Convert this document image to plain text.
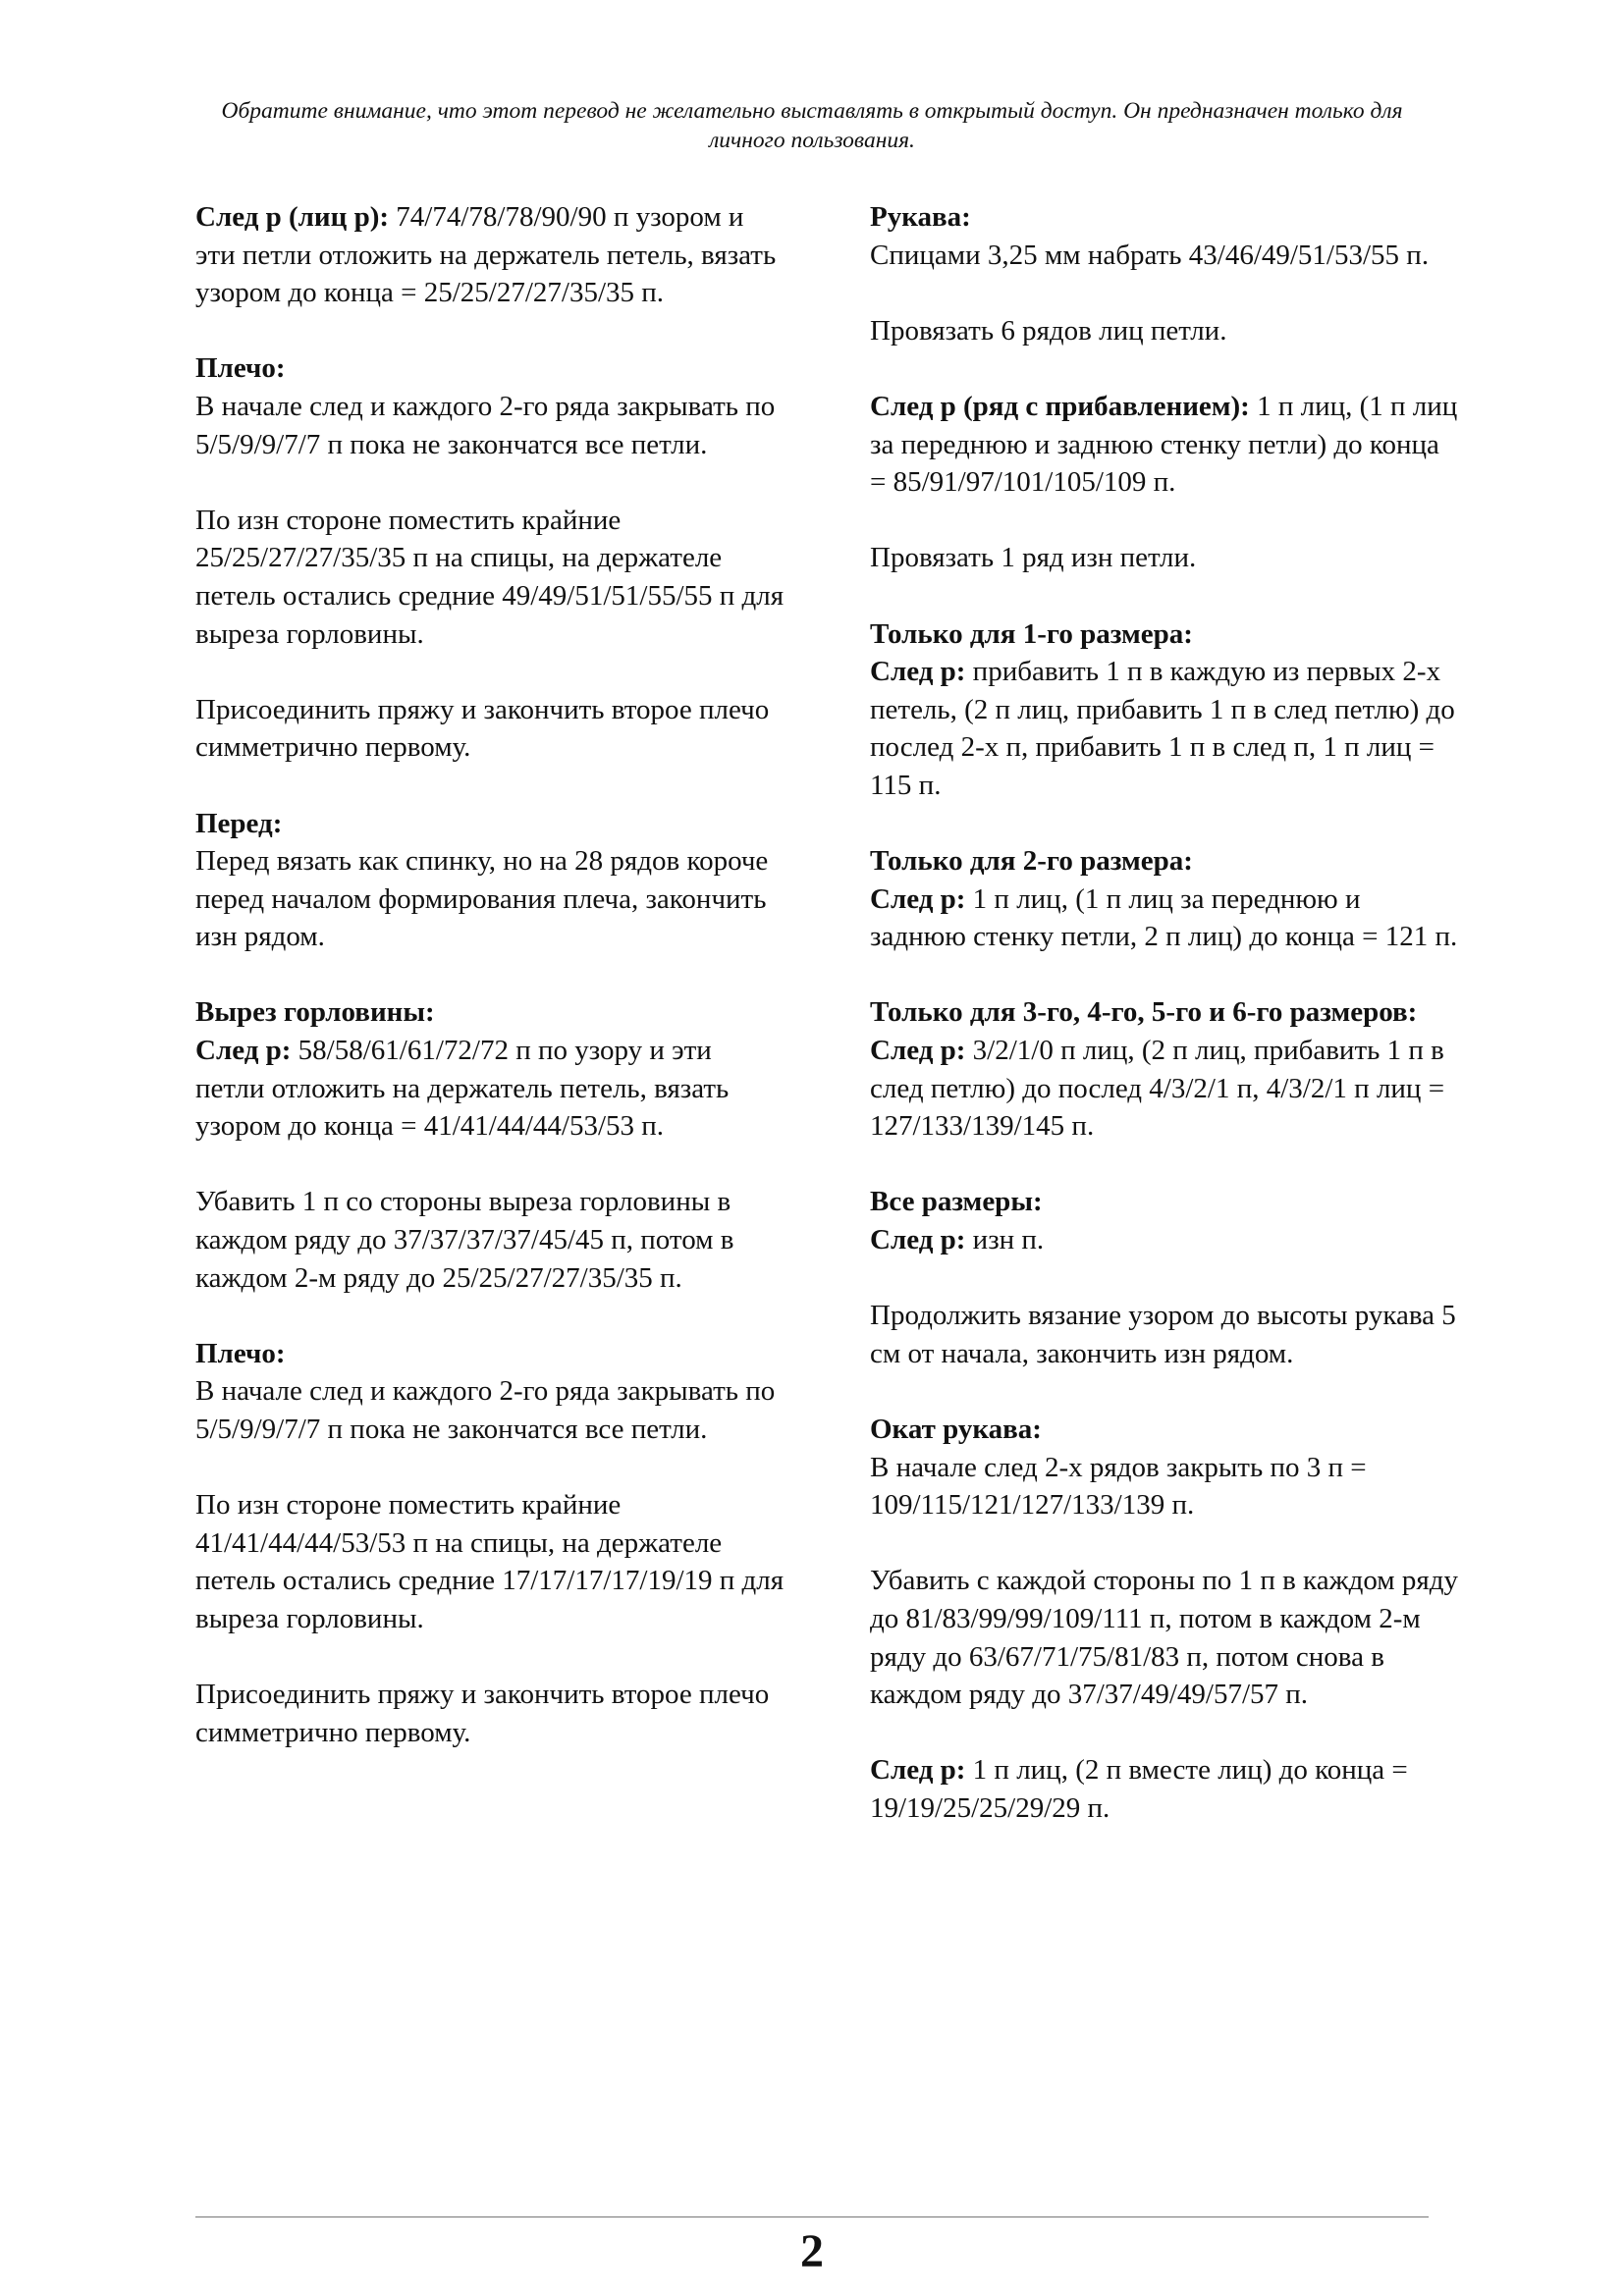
Обратите внимание, что этот перевод не желательно выставлять в открытый доступ. Он предназначен только для личного пользования.

След р (лиц р): 74/74/78/78/90/90 п узором и эти петли отложить на держатель петель, вязать узором до конца = 25/25/27/27/35/35 п.

Плечо:

В начале след и каждого 2-го ряда закрывать по 5/5/9/9/7/7 п пока не закончатся все петли.

По изн стороне поместить крайние 25/25/27/27/35/35 п на спицы, на держателе петель остались средние 49/49/51/51/55/55 п для выреза горловины.

Присоединить пряжу и закончить второе плечо симметрично первому.

Перед:

Перед вязать как спинку, но на 28 рядов короче перед началом формирования плеча, закончить изн рядом.

Вырез горловины:

След р: 58/58/61/61/72/72 п по узору и эти петли отложить на держатель петель, вязать узором до конца = 41/41/44/44/53/53 п.

Убавить 1 п со стороны выреза горловины в каждом ряду до 37/37/37/37/45/45 п, потом в каждом 2-м ряду до 25/25/27/27/35/35 п.

Плечо:

В начале след и каждого 2-го ряда закрывать по 5/5/9/9/7/7 п пока не закончатся все петли.

По изн стороне поместить крайние 41/41/44/44/53/53 п на спицы, на держателе петель остались средние 17/17/17/17/19/19 п для выреза горловины.

Присоединить пряжу и закончить второе плечо симметрично первому.

Рукава:

Спицами 3,25 мм набрать 43/46/49/51/53/55 п.

Провязать 6 рядов лиц петли.

След р (ряд с прибавлением): 1 п лиц, (1 п лиц за переднюю и заднюю стенку петли) до конца = 85/91/97/101/105/109 п.

Провязать 1 ряд изн петли.

Только для 1-го размера:

След р: прибавить 1 п в каждую из первых 2-х петель, (2 п лиц, прибавить 1 п в след петлю) до послед 2-х п, прибавить 1 п в след п, 1 п лиц = 115 п.

Только для 2-го размера:

След р: 1 п лиц, (1 п лиц за переднюю и заднюю стенку петли, 2 п лиц) до конца = 121 п.

Только для 3-го, 4-го, 5-го и 6-го размеров:

След р: 3/2/1/0 п лиц, (2 п лиц, прибавить 1 п в след петлю) до послед 4/3/2/1 п, 4/3/2/1 п лиц = 127/133/139/145 п.

Все размеры:

След р: изн п.

Продолжить вязание узором до высоты рукава 5 см от начала, закончить изн рядом.

Окат рукава:

В начале след 2-х рядов закрыть по 3 п = 109/115/121/127/133/139 п.

Убавить с каждой стороны по 1 п в каждом ряду до 81/83/99/99/109/111 п, потом в каждом 2-м ряду до 63/67/71/75/81/83 п, потом снова в каждом ряду до 37/37/49/49/57/57 п.

След р: 1 п лиц, (2 п вместе лиц) до конца = 19/19/25/25/29/29 п.

2
